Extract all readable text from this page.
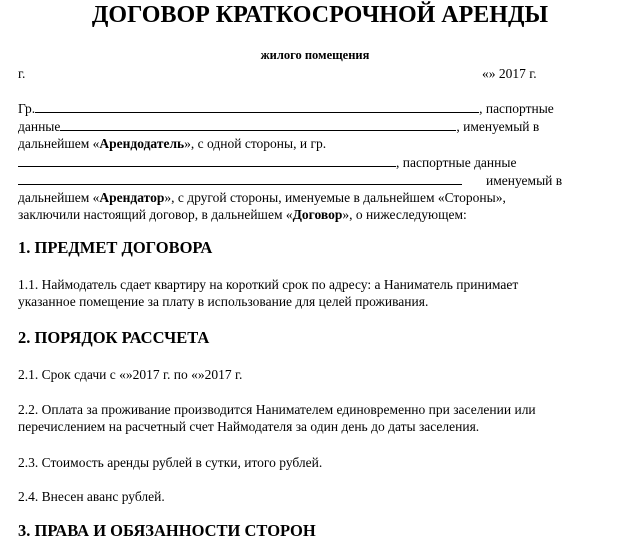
ДОГОВОР КРАТКОСРОЧНОЙ АРЕНДЫ
жилого помещения
г.	«» 2017 г.
Гр.	, паспортные
данные	, именуемый в
дальнейшем «Арендодатель», с одной стороны, и гр.
, паспортные данные
именуемый в
дальнейшем «Арендатор», с другой стороны, именуемые в дальнейшем «Стороны»,
заключили настоящий договор, в дальнейшем «Договор», о нижеследующем:
1. ПРЕДМЕТ ДОГОВОРА
1.1. Наймодатель сдает квартиру на короткий срок по адресу: а Наниматель принимает
указанное помещение за плату в использование для целей проживания.
2. ПОРЯДОК РАССЧЕТА
2.1. Срок сдачи с «»2017 г. по «»2017 г.
2.2. Оплата за проживание производится Нанимателем единовременно при заселении или
перечислением на расчетный счет Наймодателя за один день до даты заселения.
2.3. Стоимость аренды рублей в сутки, итого рублей.
2.4. Внесен аванс рублей.
3. ПРАВА И ОБЯЗАННОСТИ СТОРОН
